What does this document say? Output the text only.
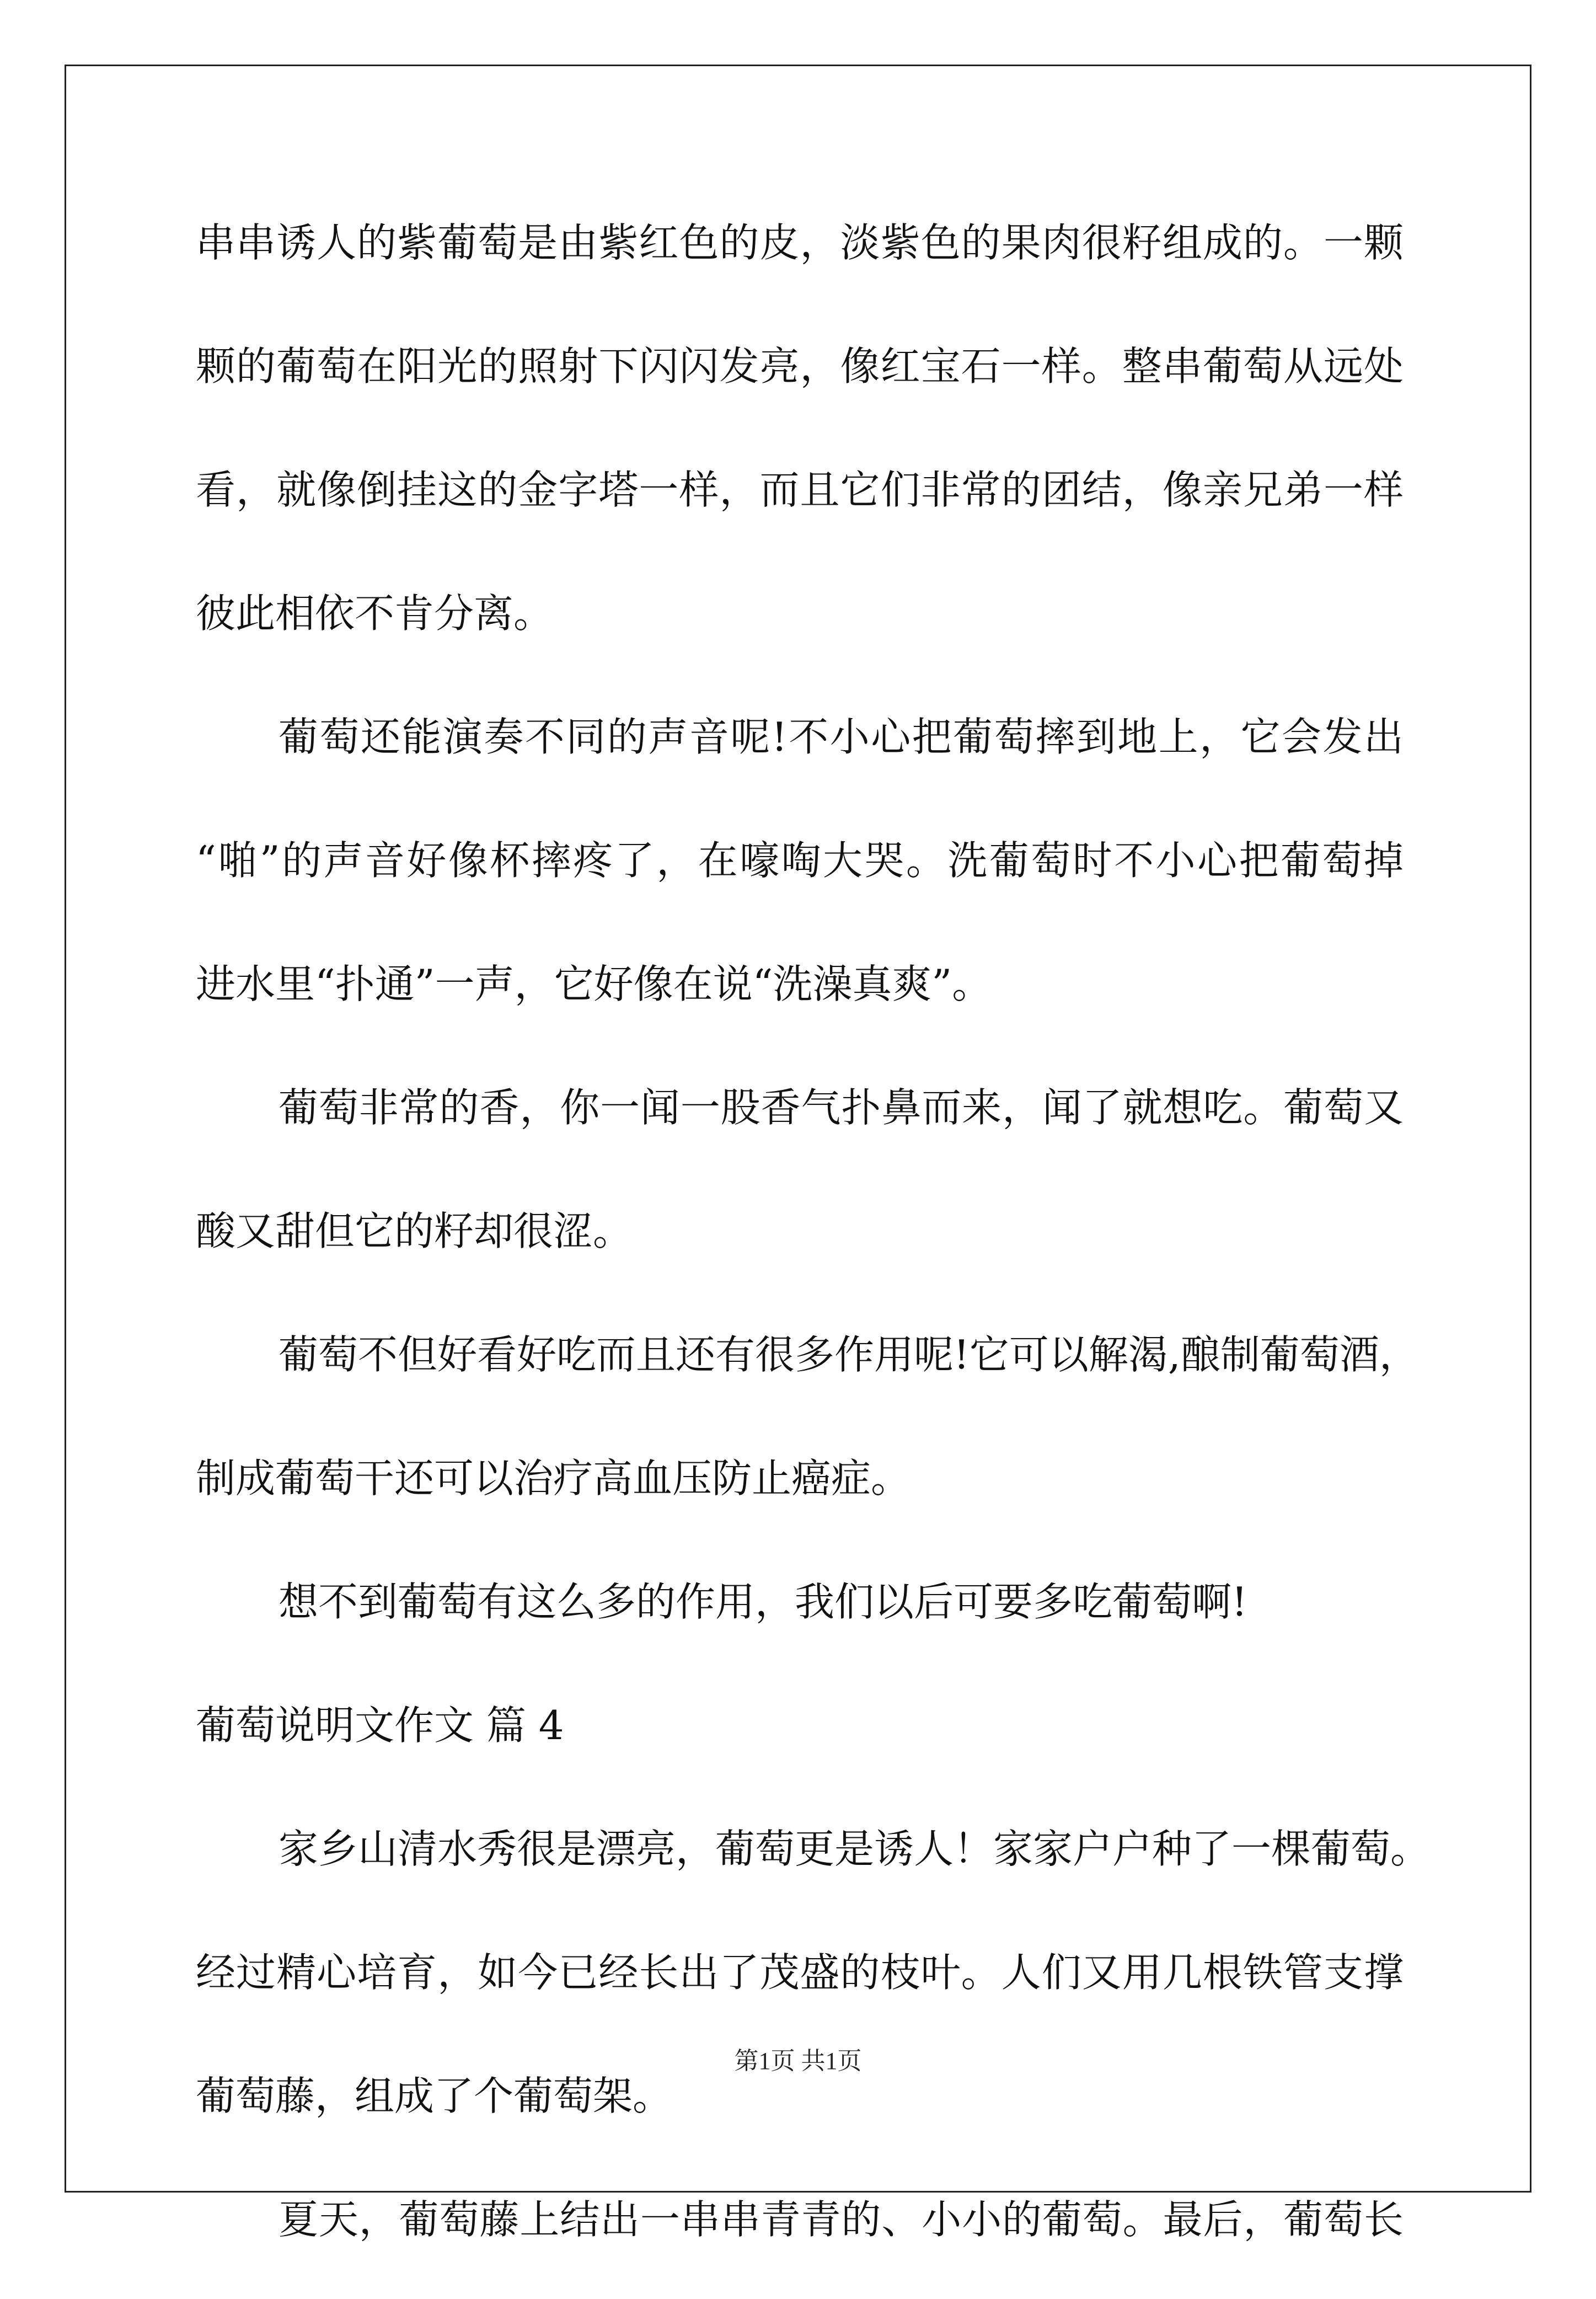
串串诱人的紫葡萄是由紫红色的皮，淡紫色的果肉很籽组成的。一颗
颗的葡萄在阳光的照射下闪闪发亮，像红宝石一样。整串葡萄从远处
看，就像倒挂这的金字塔一样，而且它们非常的团结，像亲兄弟一样
彼此相依不肯分离。
葡萄还能演奏不同的声音呢!不小心把葡萄摔到地上，它会发出
“啪”的声音好像杯摔疼了，在嚎啕大哭。洗葡萄时不小心把葡萄掉
进水里“扑通”一声，它好像在说“洗澡真爽”。
葡萄非常的香，你一闻一股香气扑鼻而来，闻了就想吃。葡萄又
酸又甜但它的籽却很涩。
葡萄不但好看好吃而且还有很多作用呢!它可以解渴,酿制葡萄酒，
制成葡萄干还可以治疗高血压防止癌症。
想不到葡萄有这么多的作用，我们以后可要多吃葡萄啊!
葡萄说明文作文 篇 4
家乡山清水秀很是漂亮，葡萄更是诱人！家家户户种了一棵葡萄。
经过精心培育，如今已经长出了茂盛的枝叶。人们又用几根铁管支撑
葡萄藤，组成了个葡萄架。
夏天，葡萄藤上结出一串串青青的、小小的葡萄。最后，葡萄长
第1页 共1页
